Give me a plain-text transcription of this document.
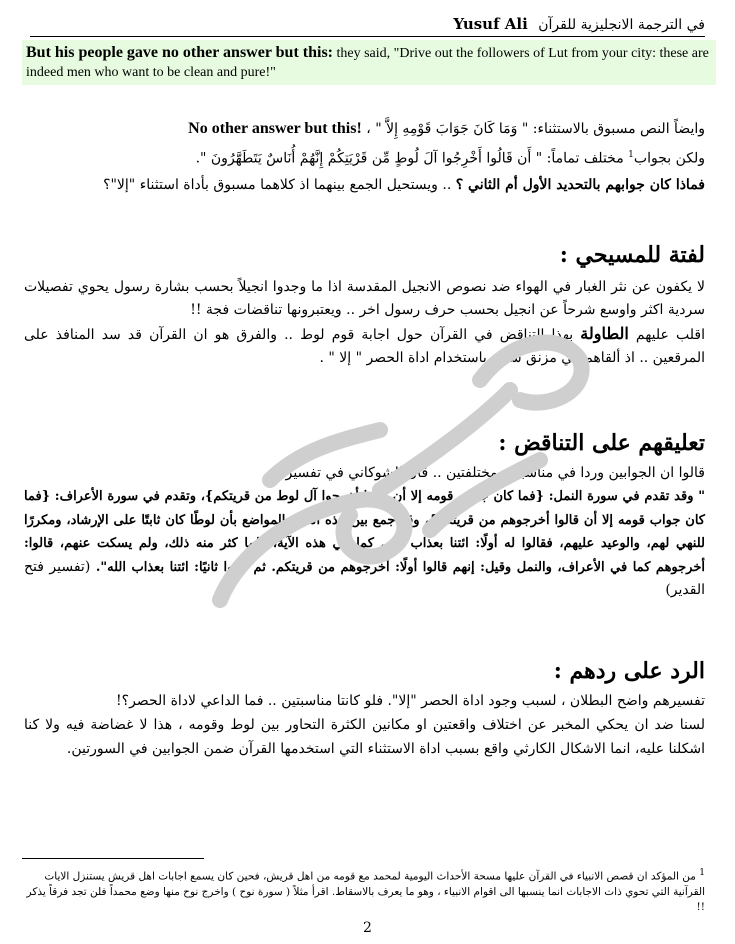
في الترجمة الانجليزية للقرآن Yusuf Ali
But his people gave no other answer but this: they said, "Drive out the followers of Lut from your city: these are indeed men who want to be clean and pure!"

وايضاً النص مسبوق بالاستثناء: " وَمَا كَانَ جَوَابَ قَوْمِهِ إِلاَّ " ، No other answer but this!

ولكن بجواب$^1$ مختلف تماماً: " أَن قَالُوا أَخْرِجُوا آلَ لُوطٍ مِّن قَرْيَتِكُمْ إِنَّهُمْ أُنَاسٌ يَتَطَهَّرُونَ ".

فماذا كان جوابهم بالتحديد الأول أم الثاني ؟ .. ويستحيل الجمع بينهما اذ كلاهما مسبوق بأداة استثناء "إلا"؟

لفتة للمسيحي :

لا يكفون عن نثر الغبار في الهواء ضد نصوص الانجيل المقدسة اذا ما وجدوا انجيلاً بحسب بشارة رسول يحوي تفصيلات سردية اكثر واوسع شرحاً عن انجيل بحسب حرف رسول اخر .. ويعتبرونها تناقضات فجة !!

اقلب عليهم الطاولة بهذا التناقض في القرآن حول اجابة قوم لوط .. والفرق هو ان القرآن قد سد المنافذ على المرقعين .. اذ ألقاهم في مزنق شديد باستخدام اداة الحصر " إلا " .

تعليقهم على التناقض :

قالوا ان الجوابين وردا في مناسبتين مختلفتين .. قال الشوكاني في تفسيره :

" وقد تقدم في سورة النمل: {فما كان جواب قومه إلا أن قالوا أخرجوا آل لوط من قريتكم}، وتقدم في سورة الأعراف: {فما كان جواب قومه إلا أن قالوا أخرجوهم من قريتكم}، وقد جمع بين هذه الثلاثة المواضع بأن لوطًا كان ثابتًا على الإرشاد، ومكررًا للنهي لهم، والوعيد عليهم، فقالوا له أولًا: ائتنا بعذاب الله. كما في هذه الآية، فلما كثر منه ذلك، ولم يسكت عنهم، قالوا: أخرجوهم كما في الأعراف، والنمل وقيل: إنهم قالوا أولًا: أخرجوهم من قريتكم. ثم قالوا ثانيًا: ائتنا بعذاب الله". (تفسير فتح القدير)

الرد على ردهم :

تفسيرهم واضح البطلان ، لسبب وجود اداة الحصر "إلا". فلو كانتا مناسبتين .. فما الداعي لاداة الحصر؟!

لسنا ضد ان يحكي المخبر عن اختلاف واقعتين او مكانين الكثرة التحاور بين لوط وقومه ، هذا لا غضاضة فيه ولا كنا اشكلنا عليه، انما الاشكال الكارثي واقع بسبب اداة الاستثناء التي استخدمها القرآن ضمن الجوابين في السورتين.

$^1$ من المؤكد ان قصص الانبياء في القرآن عليها مسحة الأحداث اليومية لمحمد مع قومه من اهل قريش، فحين كان يسمع اجابات اهل قريش يستنزل الايات القرآنية التي تحوي ذات الاجابات انما ينسبها الى اقوام الانبياء ، وهو ما يعرف بالاسقاط. اقرأ مثلاً ( سورة نوح ) واخرج نوح منها وضع محمداً فلن تجد فرقاً يذكر !!
2
